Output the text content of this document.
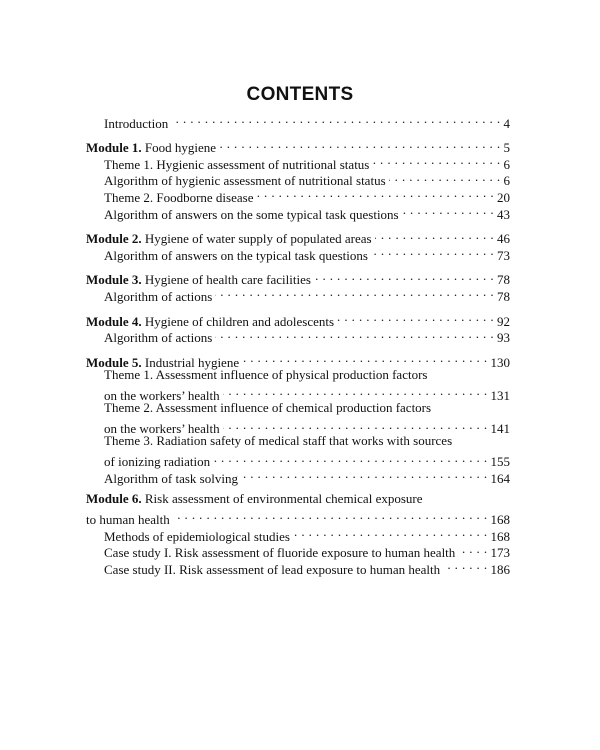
CONTENTS
Introduction . . .	4
Module 1. Food hygiene . . .	5
Theme 1. Hygienic assessment of nutritional status . . .	6
Algorithm of hygienic assessment of nutritional status . . .	6
Theme 2. Foodborne disease . . .	20
Algorithm of answers on the some typical task questions . . .	43
Module 2. Hygiene of water supply of populated areas . . .	46
Algorithm of answers on the typical task questions . . .	73
Module 3. Hygiene of health care facilities . . .	78
Algorithm of actions . . .	78
Module 4. Hygiene of children and adolescents . . .	92
Algorithm of actions . . .	93
Module 5. Industrial hygiene . . .	130
Theme 1. Assessment influence of physical production factors
on the workers’ health . . .	131
Theme 2. Assessment influence of chemical production factors
on the workers’ health . . .	141
Theme 3. Radiation safety of medical staff that works with sources
of ionizing radiation . . .	155
Algorithm of task solving . . .	164
Module 6. Risk assessment of environmental chemical exposure
to human health . . .	168
Methods of epidemiological studies . . .	168
Case study I. Risk assessment of fluoride exposure to human health . . .	173
Case study II. Risk assessment of lead exposure to human health . . .	186
